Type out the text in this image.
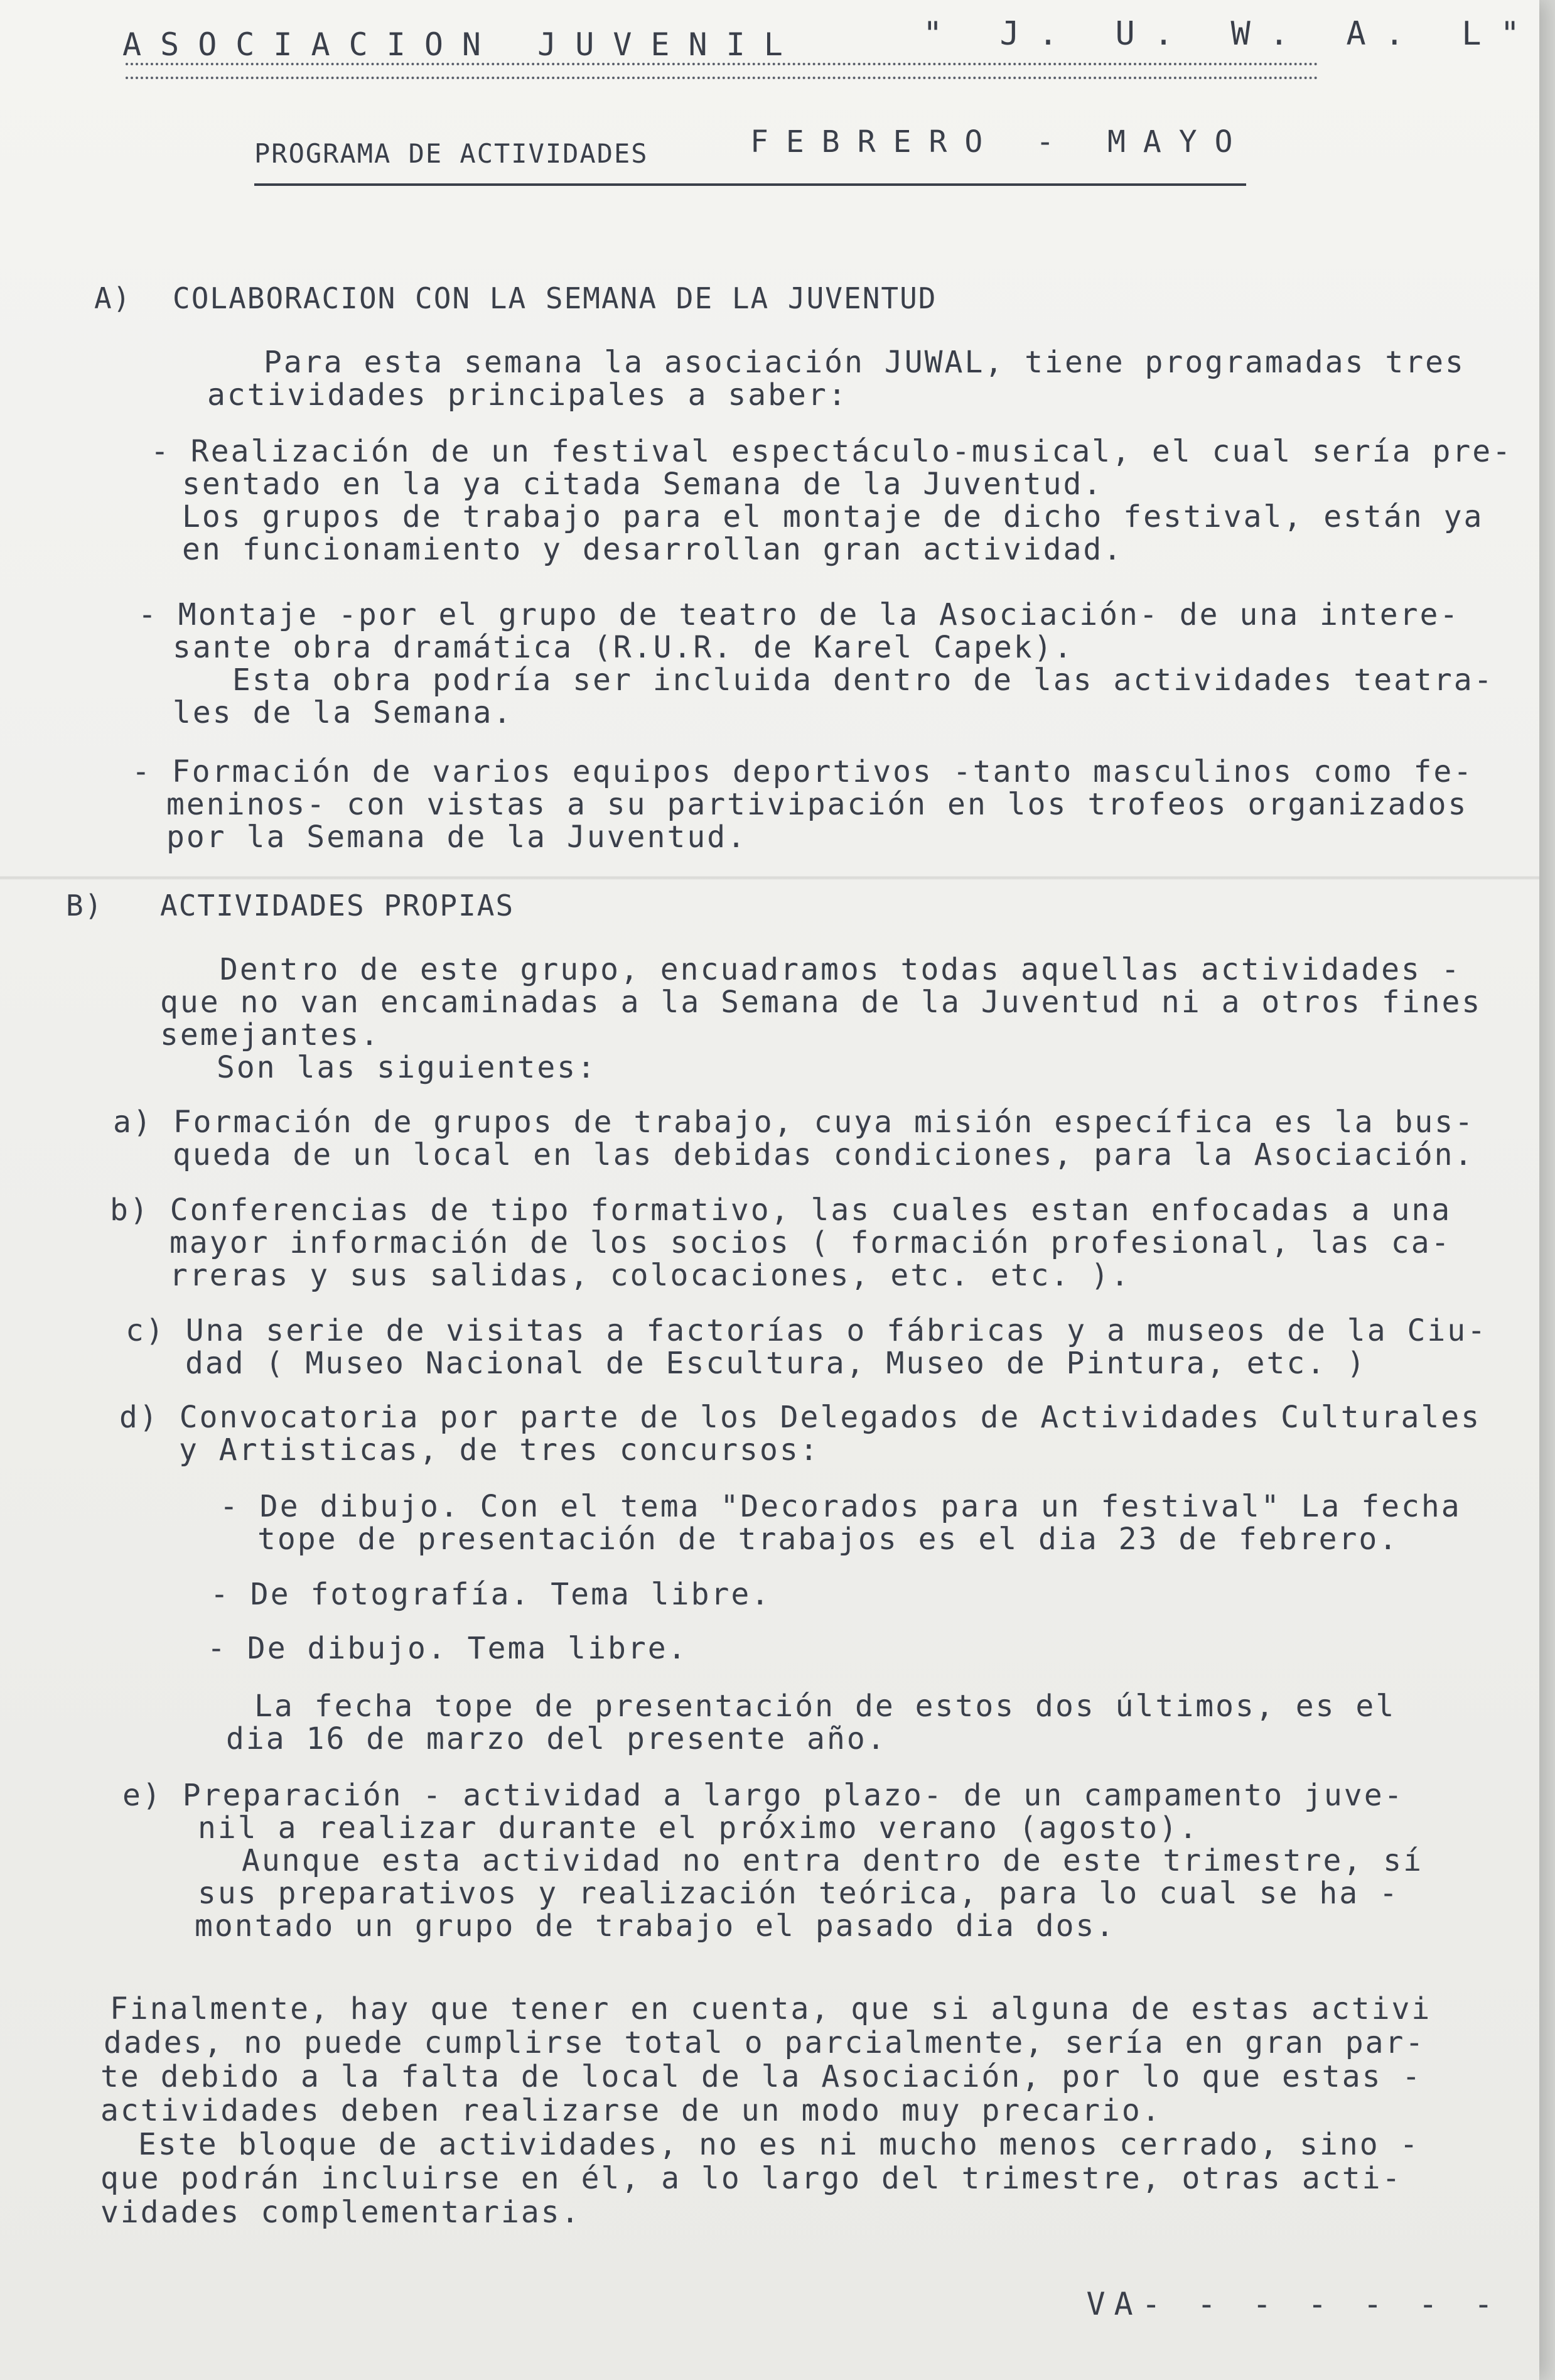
ASOCIACION JUVENIL	" J. U. W. A. L"
PROGRAMA DE ACTIVIDADES	FEBRERO - MAYO
A) COLABORACION CON LA SEMANA DE LA JUVENTUD
Para esta semana la asociación JUWAL, tiene programadas tres
actividades principales a saber:
- Realización de un festival espectáculo-musical, el cual sería pre-
sentado en la ya citada Semana de la Juventud.
Los grupos de trabajo para el montaje de dicho festival, están ya
en funcionamiento y desarrollan gran actividad.
- Montaje -por el grupo de teatro de la Asociación- de una intere-
sante obra dramática (R.U.R. de Karel Capek).
Esta obra podría ser incluida dentro de las actividades teatra-
les de la Semana.
- Formación de varios equipos deportivos -tanto masculinos como fe-
meninos- con vistas a su partivipación en los trofeos organizados
por la Semana de la Juventud.
B) ACTIVIDADES PROPIAS
Dentro de este grupo, encuadramos todas aquellas actividades -
que no van encaminadas a la Semana de la Juventud ni a otros fines
semejantes.
Son las siguientes:
a) Formación de grupos de trabajo, cuya misión específica es la bus-
queda de un local en las debidas condiciones, para la Asociación.
b) Conferencias de tipo formativo, las cuales estan enfocadas a una
mayor información de los socios ( formación profesional, las ca-
rreras y sus salidas, colocaciones, etc. etc. ).
c) Una serie de visitas a factorías o fábricas y a museos de la Ciu-
dad ( Museo Nacional de Escultura, Museo de Pintura, etc. )
d) Convocatoria por parte de los Delegados de Actividades Culturales
y Artisticas, de tres concursos:
- De dibujo. Con el tema "Decorados para un festival" La fecha
tope de presentación de trabajos es el dia 23 de febrero.
- De fotografía. Tema libre.
- De dibujo. Tema libre.
La fecha tope de presentación de estos dos últimos, es el
dia 16 de marzo del presente año.
e) Preparación - actividad a largo plazo- de un campamento juve-
nil a realizar durante el próximo verano (agosto).
Aunque esta actividad no entra dentro de este trimestre, sí
sus preparativos y realización teórica, para lo cual se ha -
montado un grupo de trabajo el pasado dia dos.
Finalmente, hay que tener en cuenta, que si alguna de estas activi
dades, no puede cumplirse total o parcialmente, sería en gran par-
te debido a la falta de local de la Asociación, por lo que estas -
actividades deben realizarse de un modo muy precario.
Este bloque de actividades, no es ni mucho menos cerrado, sino -
que podrán incluirse en él, a lo largo del trimestre, otras acti-
vidades complementarias.
VA- - - - - - -
